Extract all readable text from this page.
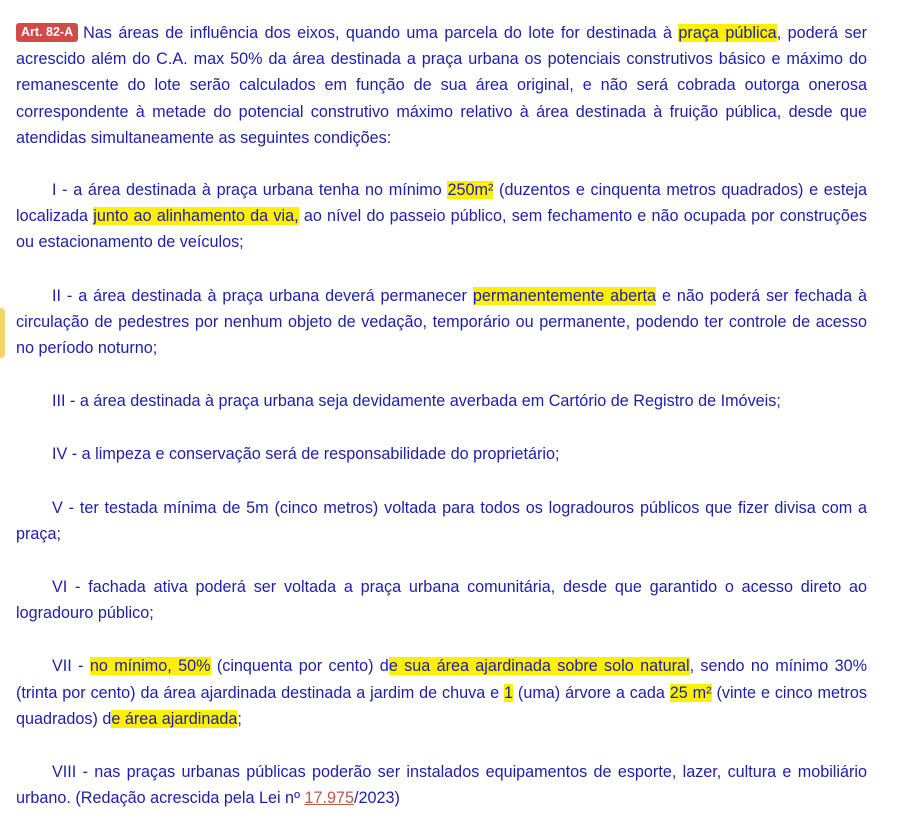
Art. 82-A Nas áreas de influência dos eixos, quando uma parcela do lote for destinada à praça pública, poderá ser acrescido além do C.A. max 50% da área destinada a praça urbana os potenciais construtivos básico e máximo do remanescente do lote serão calculados em função de sua área original, e não será cobrada outorga onerosa correspondente à metade do potencial construtivo máximo relativo à área destinada à fruição pública, desde que atendidas simultaneamente as seguintes condições:

I - a área destinada à praça urbana tenha no mínimo 250m² (duzentos e cinquenta metros quadrados) e esteja localizada junto ao alinhamento da via, ao nível do passeio público, sem fechamento e não ocupada por construções ou estacionamento de veículos;

II - a área destinada à praça urbana deverá permanecer permanentemente aberta e não poderá ser fechada à circulação de pedestres por nenhum objeto de vedação, temporário ou permanente, podendo ter controle de acesso no período noturno;

III - a área destinada à praça urbana seja devidamente averbada em Cartório de Registro de Imóveis;

IV - a limpeza e conservação será de responsabilidade do proprietário;

V - ter testada mínima de 5m (cinco metros) voltada para todos os logradouros públicos que fizer divisa com a praça;

VI - fachada ativa poderá ser voltada a praça urbana comunitária, desde que garantido o acesso direto ao logradouro público;

VII - no mínimo, 50% (cinquenta por cento) de sua área ajardinada sobre solo natural, sendo no mínimo 30% (trinta por cento) da área ajardinada destinada a jardim de chuva e 1 (uma) árvore a cada 25 m² (vinte e cinco metros quadrados) de área ajardinada;

VIII - nas praças urbanas públicas poderão ser instalados equipamentos de esporte, lazer, cultura e mobiliário urbano. (Redação acrescida pela Lei nº 17.975/2023)
